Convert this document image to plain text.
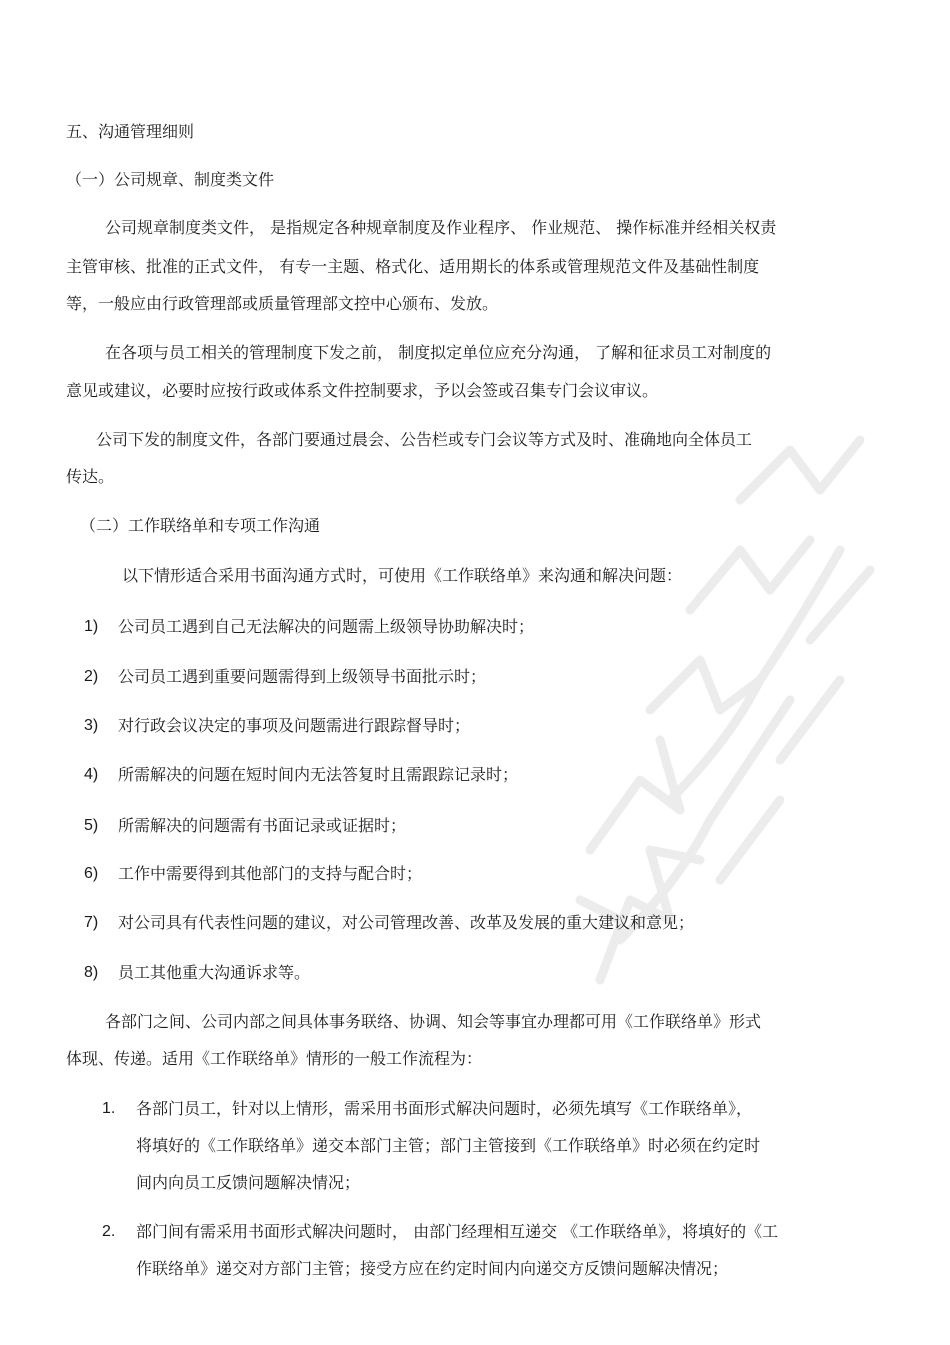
五、沟通管理细则
（一）公司规章、制度类文件
公司规章制度类文件， 是指规定各种规章制度及作业程序、 作业规范、 操作标准并经相关权责
主管审核、批准的正式文件， 有专一主题、格式化、适用期长的体系或管理规范文件及基础性制度
等，一般应由行政管理部或质量管理部文控中心颁布、发放。
在各项与员工相关的管理制度下发之前， 制度拟定单位应充分沟通， 了解和征求员工对制度的
意见或建议，必要时应按行政或体系文件控制要求，予以会签或召集专门会议审议。
公司下发的制度文件，各部门要通过晨会、公告栏或专门会议等方式及时、准确地向全体员工
传达。
（二）工作联络单和专项工作沟通
以下情形适合采用书面沟通方式时，可使用《工作联络单》来沟通和解决问题：
1) 公司员工遇到自己无法解决的问题需上级领导协助解决时；
2) 公司员工遇到重要问题需得到上级领导书面批示时；
3) 对行政会议决定的事项及问题需进行跟踪督导时；
4) 所需解决的问题在短时间内无法答复时且需跟踪记录时；
5) 所需解决的问题需有书面记录或证据时；
6) 工作中需要得到其他部门的支持与配合时；
7) 对公司具有代表性问题的建议，对公司管理改善、改革及发展的重大建议和意见；
8) 员工其他重大沟通诉求等。
各部门之间、公司内部之间具体事务联络、协调、知会等事宜办理都可用《工作联络单》形式
体现、传递。适用《工作联络单》情形的一般工作流程为：
1. 各部门员工，针对以上情形，需采用书面形式解决问题时，必须先填写《工作联络单》，
将填好的《工作联络单》递交本部门主管；部门主管接到《工作联络单》时必须在约定时
间内向员工反馈问题解决情况；
2. 部门间有需采用书面形式解决问题时， 由部门经理相互递交 《工作联络单》，将填好的《工
作联络单》递交对方部门主管；接受方应在约定时间内向递交方反馈问题解决情况；
